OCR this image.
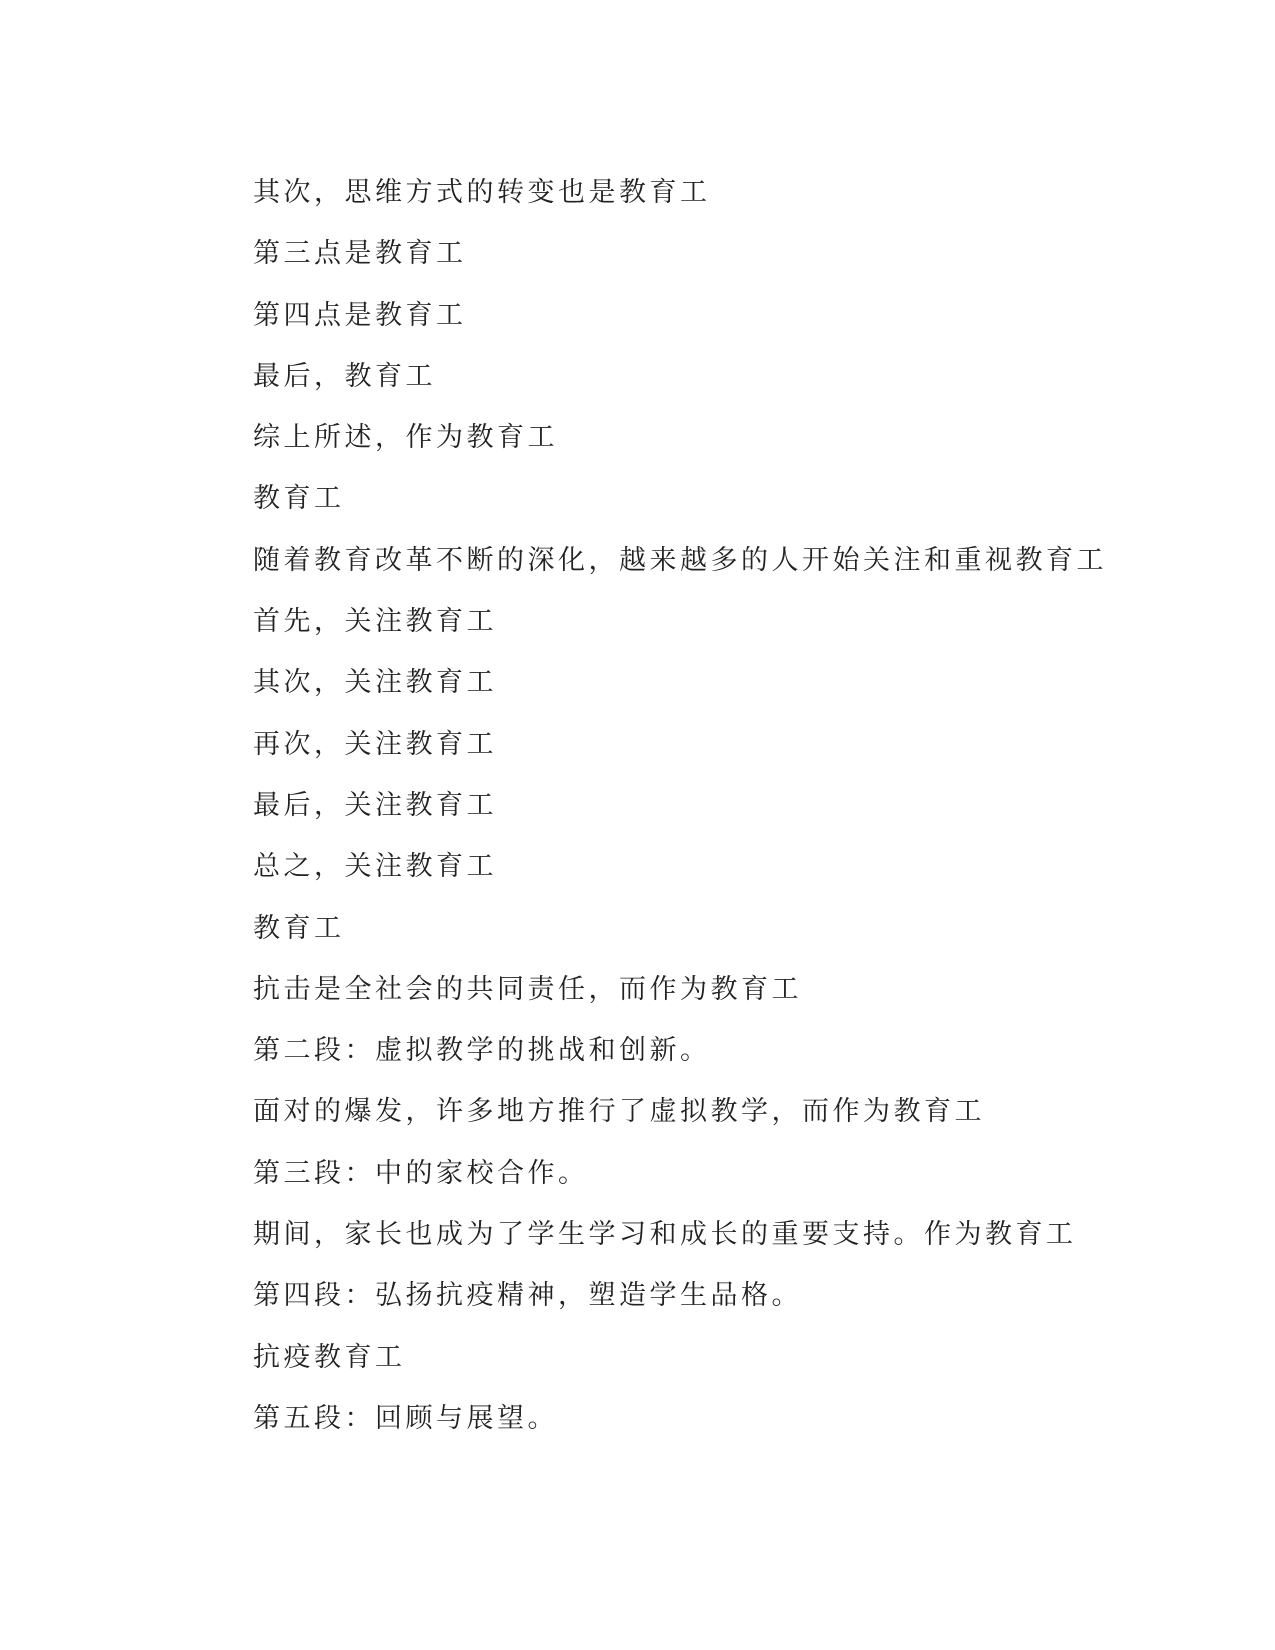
其次，思维方式的转变也是教育工

第三点是教育工

第四点是教育工

最后，教育工

综上所述，作为教育工

教育工

随着教育改革不断的深化，越来越多的人开始关注和重视教育工

首先，关注教育工

其次，关注教育工

再次，关注教育工

最后，关注教育工

总之，关注教育工

教育工

抗击是全社会的共同责任，而作为教育工

第二段：虚拟教学的挑战和创新。

面对的爆发，许多地方推行了虚拟教学，而作为教育工

第三段：中的家校合作。

期间，家长也成为了学生学习和成长的重要支持。作为教育工

第四段：弘扬抗疫精神，塑造学生品格。

抗疫教育工

第五段：回顾与展望。
